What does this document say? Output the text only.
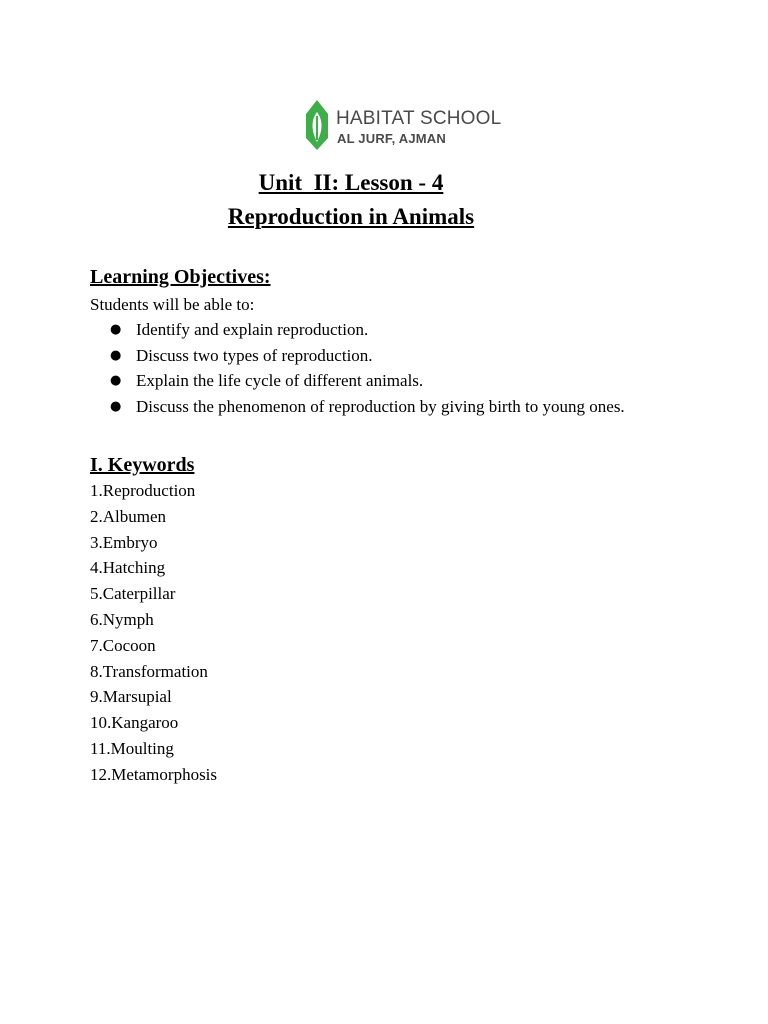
HABITAT SCHOOL
AL JURF, AJMAN
Unit  II: Lesson - 4
Reproduction in Animals
Learning Objectives:
Students will be able to:
● Identify and explain reproduction.
● Discuss two types of reproduction.
● Explain the life cycle of different animals.
● Discuss the phenomenon of reproduction by giving birth to young ones.
I. Keywords
1.Reproduction
2.Albumen
3.Embryo
4.Hatching
5.Caterpillar
6.Nymph
7.Cocoon
8.Transformation
9.Marsupial
10.Kangaroo
11.Moulting
12.Metamorphosis
